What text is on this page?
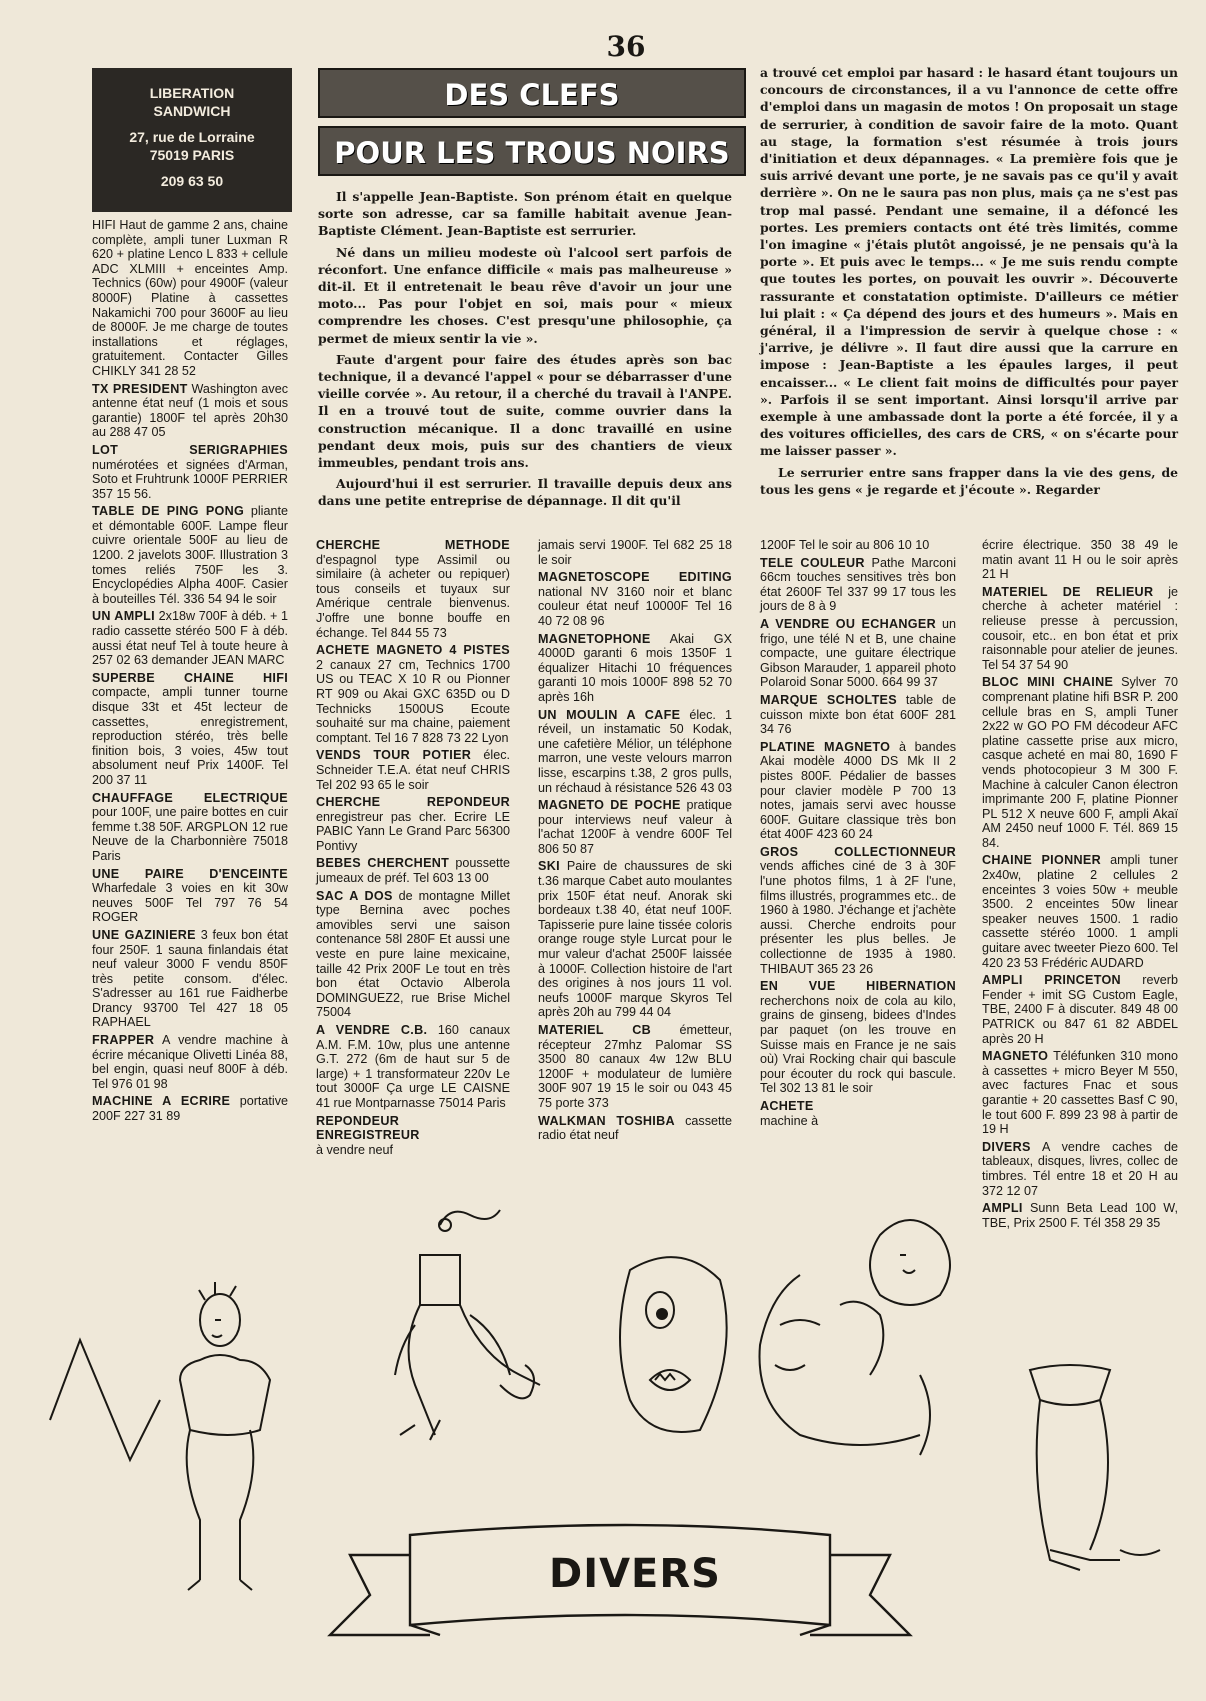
36
LIBERATION
SANDWICH
27, rue de Lorraine
75019 PARIS
209 63 50
DES CLEFS
POUR LES TROUS NOIRS

Il s'appelle Jean-Baptiste. Son prénom était en quelque sorte son adresse, car sa famille habitait avenue Jean-Baptiste Clément. Jean-Baptiste est serrurier.

Né dans un milieu modeste où l'alcool sert parfois de réconfort. Une enfance difficile « mais pas malheureuse » dit-il. Et il entretenait le beau rêve d'avoir un jour une moto... Pas pour l'objet en soi, mais pour « mieux comprendre les choses. C'est presqu'une philosophie, ça permet de mieux sentir la vie ».

Faute d'argent pour faire des études après son bac technique, il a devancé l'appel « pour se débarrasser d'une vieille corvée ». Au retour, il a cherché du travail à l'ANPE. Il en a trouvé tout de suite, comme ouvrier dans la construction mécanique. Il a donc travaillé en usine pendant deux mois, puis sur des chantiers de vieux immeubles, pendant trois ans.

Aujourd'hui il est serrurier. Il travaille depuis deux ans dans une petite entreprise de dépannage. Il dit qu'il

a trouvé cet emploi par hasard : le hasard étant toujours un concours de circonstances, il a vu l'annonce de cette offre d'emploi dans un magasin de motos ! On proposait un stage de serrurier, à condition de savoir faire de la moto. Quant au stage, la formation s'est résumée à trois jours d'initiation et deux dépannages. « La première fois que je suis arrivé devant une porte, je ne savais pas ce qu'il y avait derrière ». On ne le saura pas non plus, mais ça ne s'est pas trop mal passé. Pendant une semaine, il a défoncé les portes. Les premiers contacts ont été très limités, comme l'on imagine « j'étais plutôt angoissé, je ne pensais qu'à la porte ». Et puis avec le temps... « Je me suis rendu compte que toutes les portes, on pouvait les ouvrir ». Découverte rassurante et constatation optimiste. D'ailleurs ce métier lui plait : « Ça dépend des jours et des humeurs ». Mais en général, il a l'impression de servir à quelque chose : « j'arrive, je délivre ». Il faut dire aussi que la carrure en impose : Jean-Baptiste a les épaules larges, il peut encaisser... « Le client fait moins de difficultés pour payer ». Parfois il se sent important. Ainsi lorsqu'il arrive par exemple à une ambassade dont la porte a été forcée, il y a des voitures officielles, des cars de CRS, « on s'écarte pour me laisser passer ».

Le serrurier entre sans frapper dans la vie des gens, de tous les gens « je regarde et j'écoute ». Regarder

HIFI Haut de gamme 2 ans, chaine complète, ampli tuner Luxman R 620 + platine Lenco L 833 + cellule ADC XLMIII + enceintes Amp. Technics (60w) pour 4900F (valeur 8000F) Platine à cassettes Nakamichi 700 pour 3600F au lieu de 8000F. Je me charge de toutes installations et réglages, gratuitement. Contacter Gilles CHIKLY 341 28 52
TX PRESIDENT Washington avec antenne état neuf (1 mois et sous garantie) 1800F tel après 20h30 au 288 47 05
LOT SERIGRAPHIES numérotées et signées d'Arman, Soto et Fruhtrunk 1000F PERRIER 357 15 56.
TABLE DE PING PONG pliante et démontable 600F. Lampe fleur cuivre orientale 500F au lieu de 1200. 2 javelots 300F. Illustration 3 tomes reliés 750F les 3. Encyclopédies Alpha 400F. Casier à bouteilles Tél. 336 54 94 le soir
UN AMPLI 2x18w 700F à déb. + 1 radio cassette stéréo 500 F à déb. aussi état neuf Tel à toute heure à 257 02 63 demander JEAN MARC
SUPERBE CHAINE HIFI compacte, ampli tunner tourne disque 33t et 45t lecteur de cassettes, enregistrement, reproduction stéréo, très belle finition bois, 3 voies, 45w tout absolument neuf Prix 1400F. Tel 200 37 11
CHAUFFAGE ELECTRIQUE pour 100F, une paire bottes en cuir femme t.38 50F. ARGPLON 12 rue Neuve de la Charbonnière 75018 Paris
UNE PAIRE D'ENCEINTE Wharfedale 3 voies en kit 30w neuves 500F Tel 797 76 54 ROGER
UNE GAZINIERE 3 feux bon état four 250F. 1 sauna finlandais état neuf valeur 3000 F vendu 850F très petite consom. d'élec. S'adresser au 161 rue Faidherbe Drancy 93700 Tel 427 18 05 RAPHAEL
FRAPPER A vendre machine à écrire mécanique Olivetti Linéa 88, bel engin, quasi neuf 800F à déb. Tel 976 01 98
MACHINE A ECRIRE portative 200F 227 31 89
CHERCHE METHODE d'espagnol type Assimil ou similaire (à acheter ou repiquer) tous conseils et tuyaux sur Amérique centrale bienvenus. J'offre une bonne bouffe en échange. Tel 844 55 73
ACHETE MAGNETO 4 PISTES 2 canaux 27 cm, Technics 1700 US ou TEAC X 10 R ou Pionner RT 909 ou Akai GXC 635D ou D Technicks 1500US Ecoute souhaité sur ma chaine, paiement comptant. Tel 16 7 828 73 22 Lyon
VENDS TOUR POTIER élec. Schneider T.E.A. état neuf CHRIS Tel 202 93 65 le soir
CHERCHE REPONDEUR enregistreur pas cher. Ecrire LE PABIC Yann Le Grand Parc 56300 Pontivy
BEBES CHERCHENT poussette jumeaux de préf. Tel 603 13 00
SAC A DOS de montagne Millet type Bernina avec poches amovibles servi une saison contenance 58l 280F Et aussi une veste en pure laine mexicaine, taille 42 Prix 200F Le tout en très bon état Octavio Alberola DOMINGUEZ2, rue Brise Michel 75004
A VENDRE C.B. 160 canaux A.M. F.M. 10w, plus une antenne G.T. 272 (6m de haut sur 5 de large) + 1 transformateur 220v Le tout 3000F Ça urge LE CAISNE 41 rue Montparnasse 75014 Paris
REPONDEUR ENREGISTREUR à vendre neuf
jamais servi 1900F. Tel 682 25 18 le soir
MAGNETOSCOPE EDITING national NV 3160 noir et blanc couleur état neuf 10000F Tel 16 40 72 08 96
MAGNETOPHONE Akai GX 4000D garanti 6 mois 1350F 1 équalizer Hitachi 10 fréquences garanti 10 mois 1000F 898 52 70 après 16h
UN MOULIN A CAFE élec. 1 réveil, un instamatic 50 Kodak, une cafetière Mélior, un téléphone marron, une veste velours marron lisse, escarpins t.38, 2 gros pulls, un réchaud à résistance 526 43 03
MAGNETO DE POCHE pratique pour interviews neuf valeur à l'achat 1200F à vendre 600F Tel 806 50 87
SKI Paire de chaussures de ski t.36 marque Cabet auto moulantes prix 150F état neuf. Anorak ski bordeaux t.38 40, état neuf 100F. Tapisserie pure laine tissée coloris orange rouge style Lurcat pour le mur valeur d'achat 2500F laissée à 1000F. Collection histoire de l'art des origines à nos jours 11 vol. neufs 1000F marque Skyros Tel après 20h au 799 44 04
MATERIEL CB émetteur, récepteur 27mhz Palomar SS 3500 80 canaux 4w 12w BLU 1200F + modulateur de lumière 300F 907 19 15 le soir ou 043 45 75 porte 373
WALKMAN TOSHIBA cassette radio état neuf
1200F Tel le soir au 806 10 10
TELE COULEUR Pathe Marconi 66cm touches sensitives très bon état 2600F Tel 337 99 17 tous les jours de 8 à 9
A VENDRE OU ECHANGER un frigo, une télé N et B, une chaine compacte, une guitare électrique Gibson Marauder, 1 appareil photo Polaroid Sonar 5000. 664 99 37
MARQUE SCHOLTES table de cuisson mixte bon état 600F 281 34 76
PLATINE MAGNETO à bandes Akai modèle 4000 DS Mk II 2 pistes 800F. Pédalier de basses pour clavier modèle P 700 13 notes, jamais servi avec housse 600F. Guitare classique très bon état 400F 423 60 24
GROS COLLECTIONNEUR vends affiches ciné de 3 à 30F l'une photos films, 1 à 2F l'une, films illustrés, programmes etc.. de 1960 à 1980. J'échange et j'achète aussi. Cherche endroits pour présenter les plus belles. Je collectionne de 1935 à 1980. THIBAUT 365 23 26
EN VUE HIBERNATION recherchons noix de cola au kilo, grains de ginseng, bidees d'Indes par paquet (on les trouve en Suisse mais en France je ne sais où) Vrai Rocking chair qui bascule pour écouter du rock qui bascule. Tel 302 13 81 le soir
ACHETE machine à
écrire électrique. 350 38 49 le matin avant 11 H ou le soir après 21 H
MATERIEL DE RELIEUR je cherche à acheter matériel : relieuse presse à percussion, cousoir, etc.. en bon état et prix raisonnable pour atelier de jeunes. Tel 54 37 54 90
BLOC MINI CHAINE Sylver 70 comprenant platine hifi BSR P. 200 cellule bras en S, ampli Tuner 2x22 w GO PO FM décodeur AFC platine cassette prise aux micro, casque acheté en mai 80, 1690 F vends photocopieur 3 M 300 F. Machine à calculer Canon électron imprimante 200 F, platine Pionner PL 512 X neuve 600 F, ampli Akaï AM 2450 neuf 1000 F. Tél. 869 15 84.
CHAINE PIONNER ampli tuner 2x40w, platine 2 cellules 2 enceintes 3 voies 50w + meuble 3500. 2 enceintes 50w linear speaker neuves 1500. 1 radio cassette stéréo 1000. 1 ampli guitare avec tweeter Piezo 600. Tel 420 23 53 Frédéric AUDARD
AMPLI PRINCETON reverb Fender + imit SG Custom Eagle, TBE, 2400 F à discuter. 849 48 00 PATRICK ou 847 61 82 ABDEL après 20 H
MAGNETO Téléfunken 310 mono à cassettes + micro Beyer M 550, avec factures Fnac et sous garantie + 20 cassettes Basf C 90, le tout 600 F. 899 23 98 à partir de 19 H
DIVERS A vendre caches de tableaux, disques, livres, collec de timbres. Tél entre 18 et 20 H au 372 12 07
AMPLI Sunn Beta Lead 100 W, TBE, Prix 2500 F. Tél 358 29 35
DIVERS
